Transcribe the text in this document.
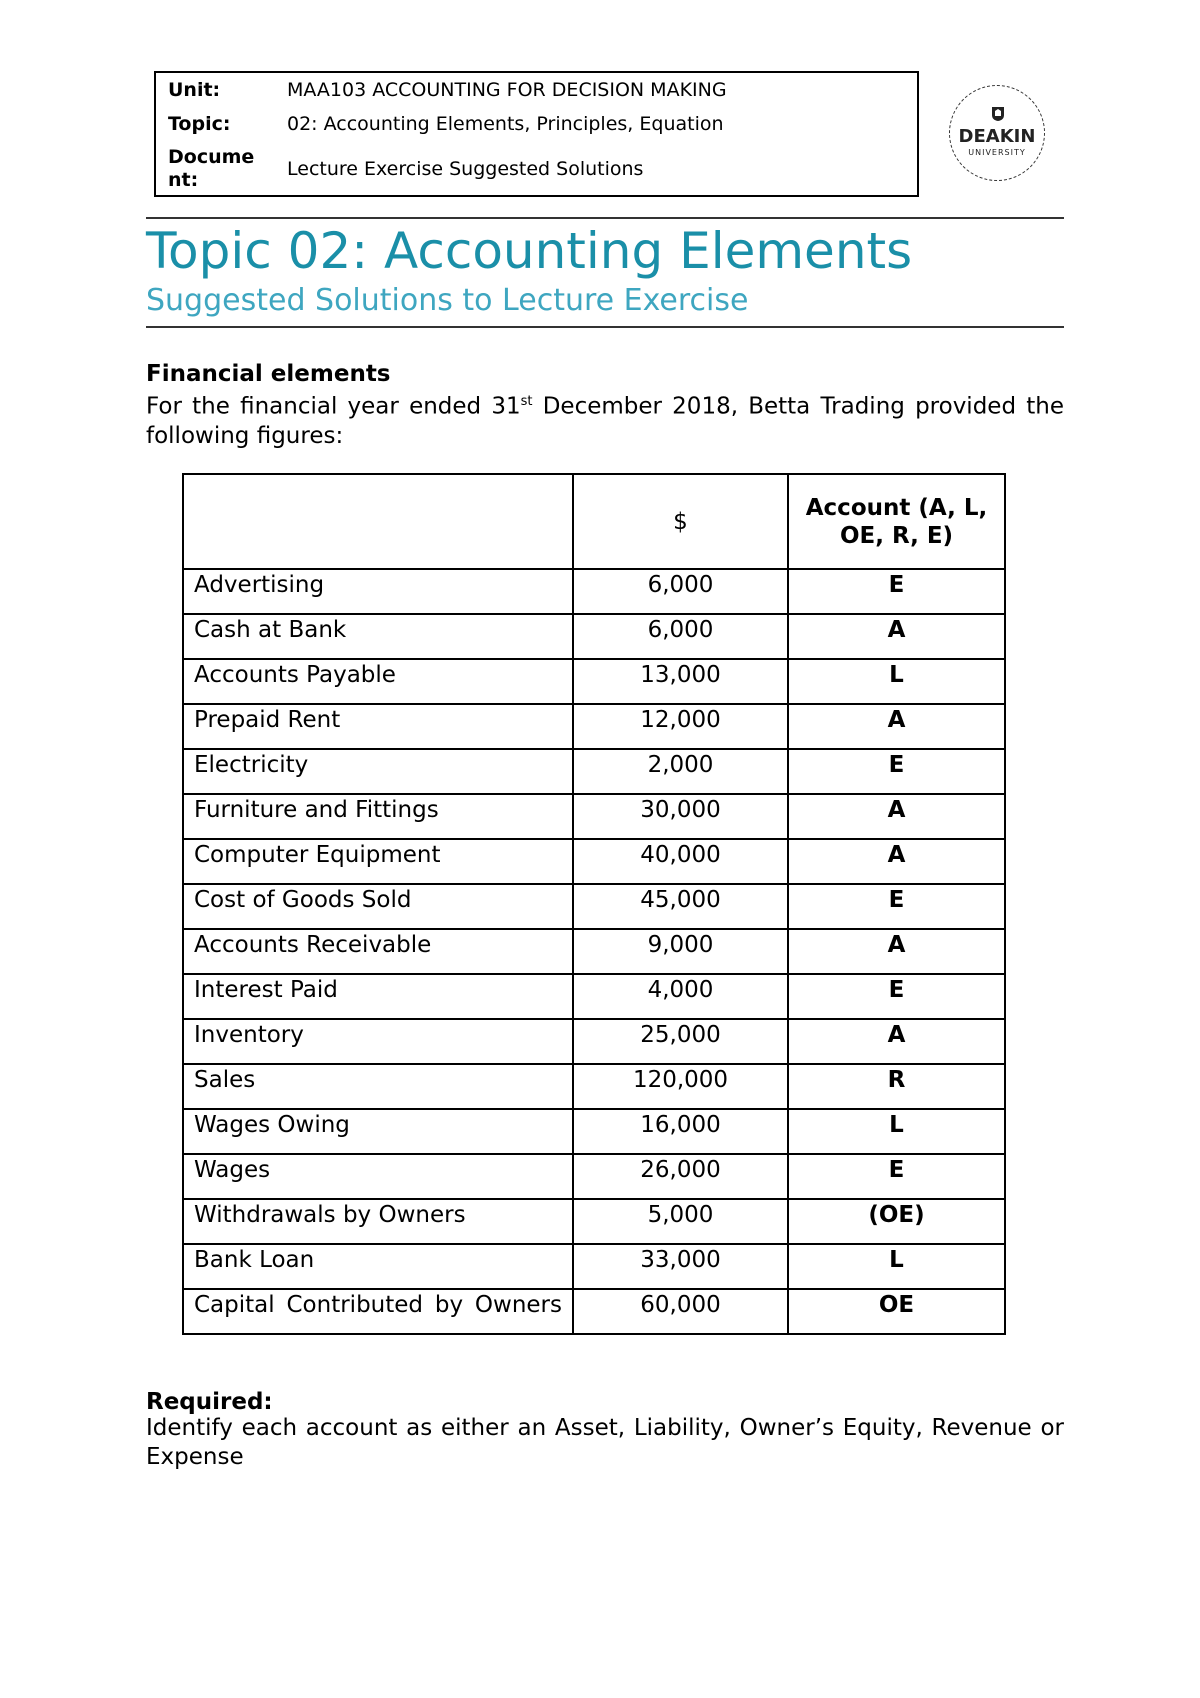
Unit:	MAA103 ACCOUNTING FOR DECISION MAKING
Topic:	02: Accounting Elements, Principles, Equation
Docume
nt:	Lecture Exercise Suggested Solutions
DEAKIN
UNIVERSITY
Topic 02: Accounting Elements
Suggested Solutions to Lecture Exercise
Financial elements
For the financial year ended 31st December 2018, Betta Trading provided the following figures:
	$	Account (A, L, OE, R, E)
Advertising	6,000	E
Cash at Bank	6,000	A
Accounts Payable	13,000	L
Prepaid Rent	12,000	A
Electricity	2,000	E
Furniture and Fittings	30,000	A
Computer Equipment	40,000	A
Cost of Goods Sold	45,000	E
Accounts Receivable	9,000	A
Interest Paid	4,000	E
Inventory	25,000	A
Sales	120,000	R
Wages Owing	16,000	L
Wages	26,000	E
Withdrawals by Owners	5,000	(OE)
Bank Loan	33,000	L
Capital Contributed by Owners	60,000	OE
Required:
Identify each account as either an Asset, Liability, Owner’s Equity, Revenue or Expense
